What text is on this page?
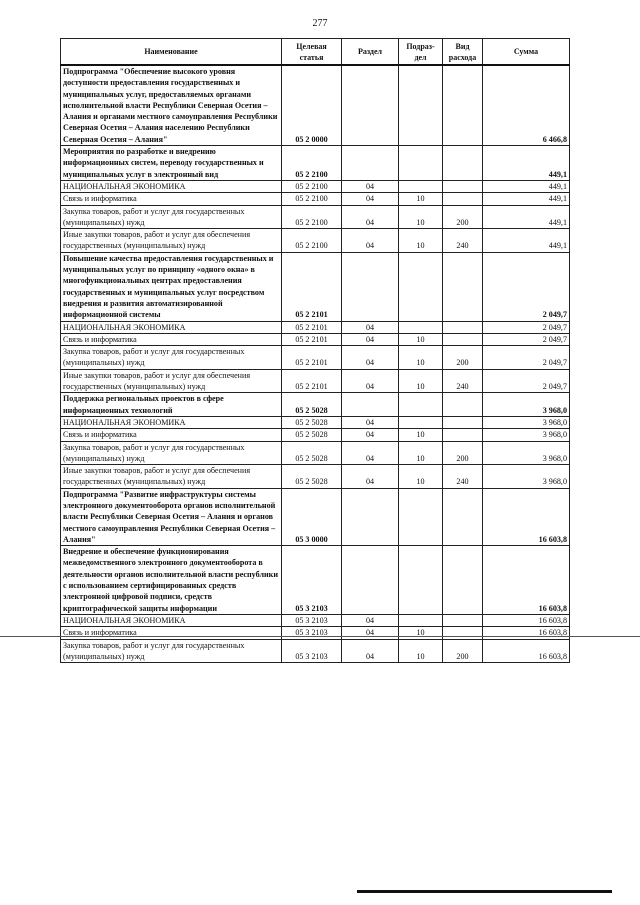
277
Наименование	Целевая статья	Раздел	Подраз-дел	Вид расхода	Сумма
Подпрограмма "Обеспечение высокого уровня доступности предоставления государственных и муниципальных услуг, предоставляемых органами исполнительной власти Республики Северная Осетия – Алания и органами местного самоуправления Республики Северная Осетия – Алания населению Республики Северная Осетия – Алания"	05 2 0000				6 466,8
Мероприятия по разработке и внедрению информационных систем, переводу государственных и муниципальных услуг в электронный вид	05 2 2100				449,1
НАЦИОНАЛЬНАЯ ЭКОНОМИКА	05 2 2100	04			449,1
Связь и информатика	05 2 2100	04	10		449,1
Закупка товаров, работ и услуг для государственных (муниципальных) нужд	05 2 2100	04	10	200	449,1
Иные закупки товаров, работ и услуг для обеспечения государственных (муниципальных) нужд	05 2 2100	04	10	240	449,1
Повышение качества предоставления государственных и муниципальных услуг по принципу «одного окна» в многофункциональных центрах предоставления государственных и муниципальных услуг посредством внедрения и развития автоматизированной информационной системы	05 2 2101				2 049,7
НАЦИОНАЛЬНАЯ ЭКОНОМИКА	05 2 2101	04			2 049,7
Связь и информатика	05 2 2101	04	10		2 049,7
Закупка товаров, работ и услуг для государственных (муниципальных) нужд	05 2 2101	04	10	200	2 049,7
Иные закупки товаров, работ и услуг для обеспечения государственных (муниципальных) нужд	05 2 2101	04	10	240	2 049,7
Поддержка региональных проектов в сфере информационных технологий	05 2 5028				3 968,0
НАЦИОНАЛЬНАЯ ЭКОНОМИКА	05 2 5028	04			3 968,0
Связь и информатика	05 2 5028	04	10		3 968,0
Закупка товаров, работ и услуг для государственных (муниципальных) нужд	05 2 5028	04	10	200	3 968,0
Иные закупки товаров, работ и услуг для обеспечения государственных (муниципальных) нужд	05 2 5028	04	10	240	3 968,0
Подпрограмма "Развитие инфраструктуры системы электронного документооборота органов исполнительной власти Республики Северная Осетия – Алания и органов местного самоуправления Республики Северная Осетия – Алания"	05 3 0000				16 603,8
Внедрение и обеспечение функционирования межведомственного электронного документооборота в деятельности органов исполнительной власти республики с использованием сертифицированных средств электронной цифровой подписи, средств криптографической защиты информации	05 3 2103				16 603,8
НАЦИОНАЛЬНАЯ ЭКОНОМИКА	05 3 2103	04			16 603,8
Связь и информатика	05 3 2103	04	10		16 603,8
Закупка товаров, работ и услуг для государственных (муниципальных) нужд	05 3 2103	04	10	200	16 603,8
